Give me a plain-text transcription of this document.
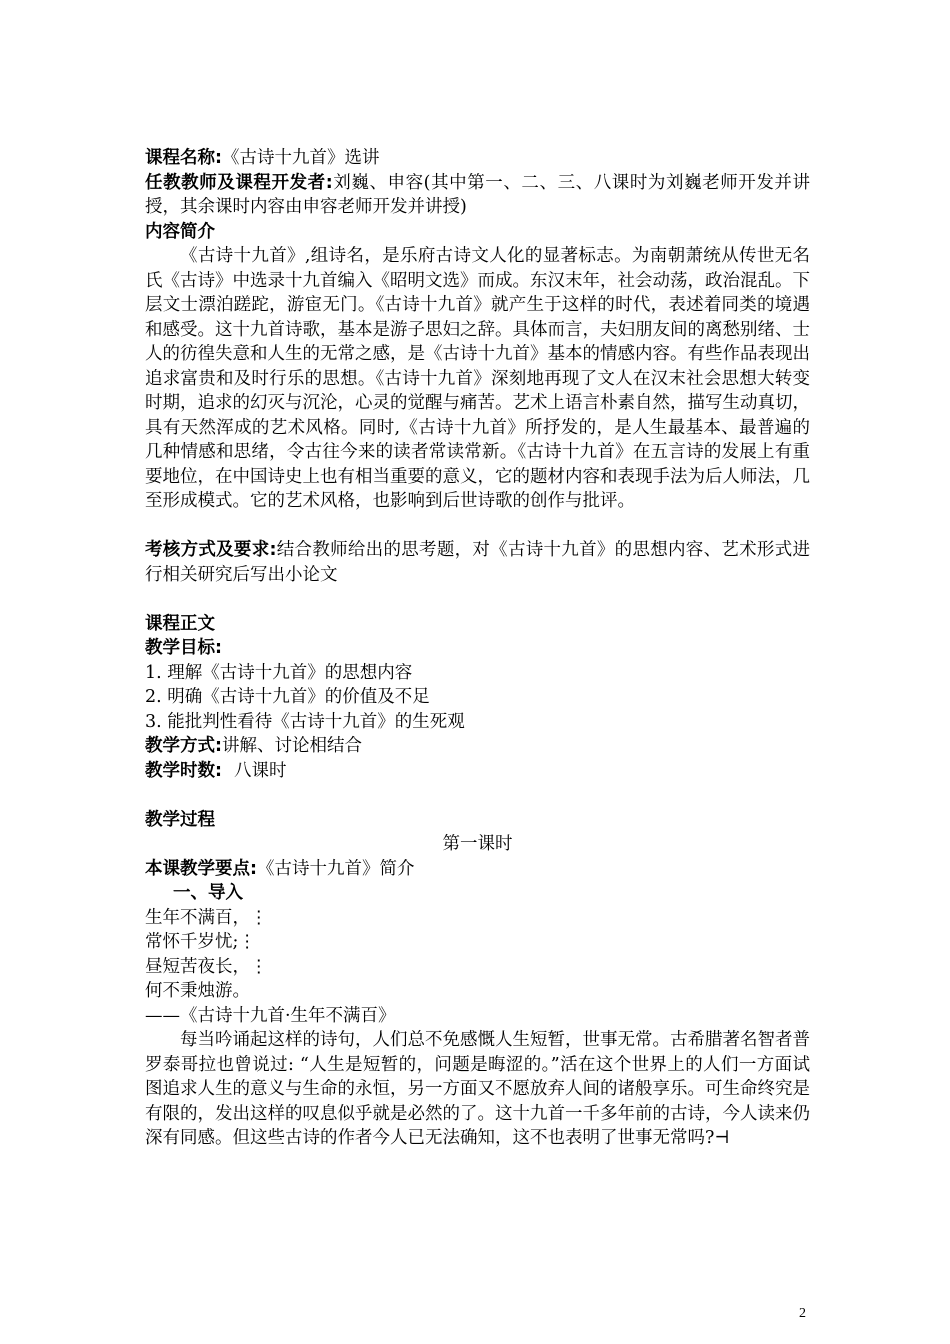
课程名称:《古诗十九首》选讲

任教教师及课程开发者:刘巍、申容(其中第一、二、三、八课时为刘巍老师开发并讲授，其余课时内容由申容老师开发并讲授)

内容简介

《古诗十九首》,组诗名，是乐府古诗文人化的显著标志。为南朝萧统从传世无名氏《古诗》中选录十九首编入《昭明文选》而成。东汉末年，社会动荡，政治混乱。下层文士漂泊蹉跎，游宦无门。《古诗十九首》就产生于这样的时代，表述着同类的境遇和感受。这十九首诗歌，基本是游子思妇之辞。具体而言，夫妇朋友间的离愁别绪、士人的彷徨失意和人生的无常之感，是《古诗十九首》基本的情感内容。有些作品表现出追求富贵和及时行乐的思想。《古诗十九首》深刻地再现了文人在汉末社会思想大转变时期，追求的幻灭与沉沦，心灵的觉醒与痛苦。艺术上语言朴素自然，描写生动真切，具有天然浑成的艺术风格。同时,《古诗十九首》所抒发的，是人生最基本、最普遍的几种情感和思绪，令古往今来的读者常读常新。《古诗十九首》在五言诗的发展上有重要地位，在中国诗史上也有相当重要的意义，它的题材内容和表现手法为后人师法，几至形成模式。它的艺术风格，也影响到后世诗歌的创作与批评。

考核方式及要求:结合教师给出的思考题，对《古诗十九首》的思想内容、艺术形式进行相关研究后写出小论文

课程正文

教学目标:

1. 理解《古诗十九首》的思想内容

2. 明确《古诗十九首》的价值及不足

3. 能批判性看待《古诗十九首》的生死观

教学方式:讲解、讨论相结合

教学时数: 八课时

教学过程

第一课时

本课教学要点:《古诗十九首》简介

一、导入

生年不满百，⋮

常怀千岁忧;⋮

昼短苦夜长，⋮

何不秉烛游。

——《古诗十九首·生年不满百》

每当吟诵起这样的诗句，人们总不免感慨人生短暂，世事无常。古希腊著名智者普罗泰哥拉也曾说过: “人生是短暂的，问题是晦涩的。”活在这个世界上的人们一方面试图追求人生的意义与生命的永恒，另一方面又不愿放弃人间的诸般享乐。可生命终究是有限的，发出这样的叹息似乎就是必然的了。这十九首一千多年前的古诗，今人读来仍深有同感。但这些古诗的作者今人已无法确知，这不也表明了世事无常吗?⊣

2
